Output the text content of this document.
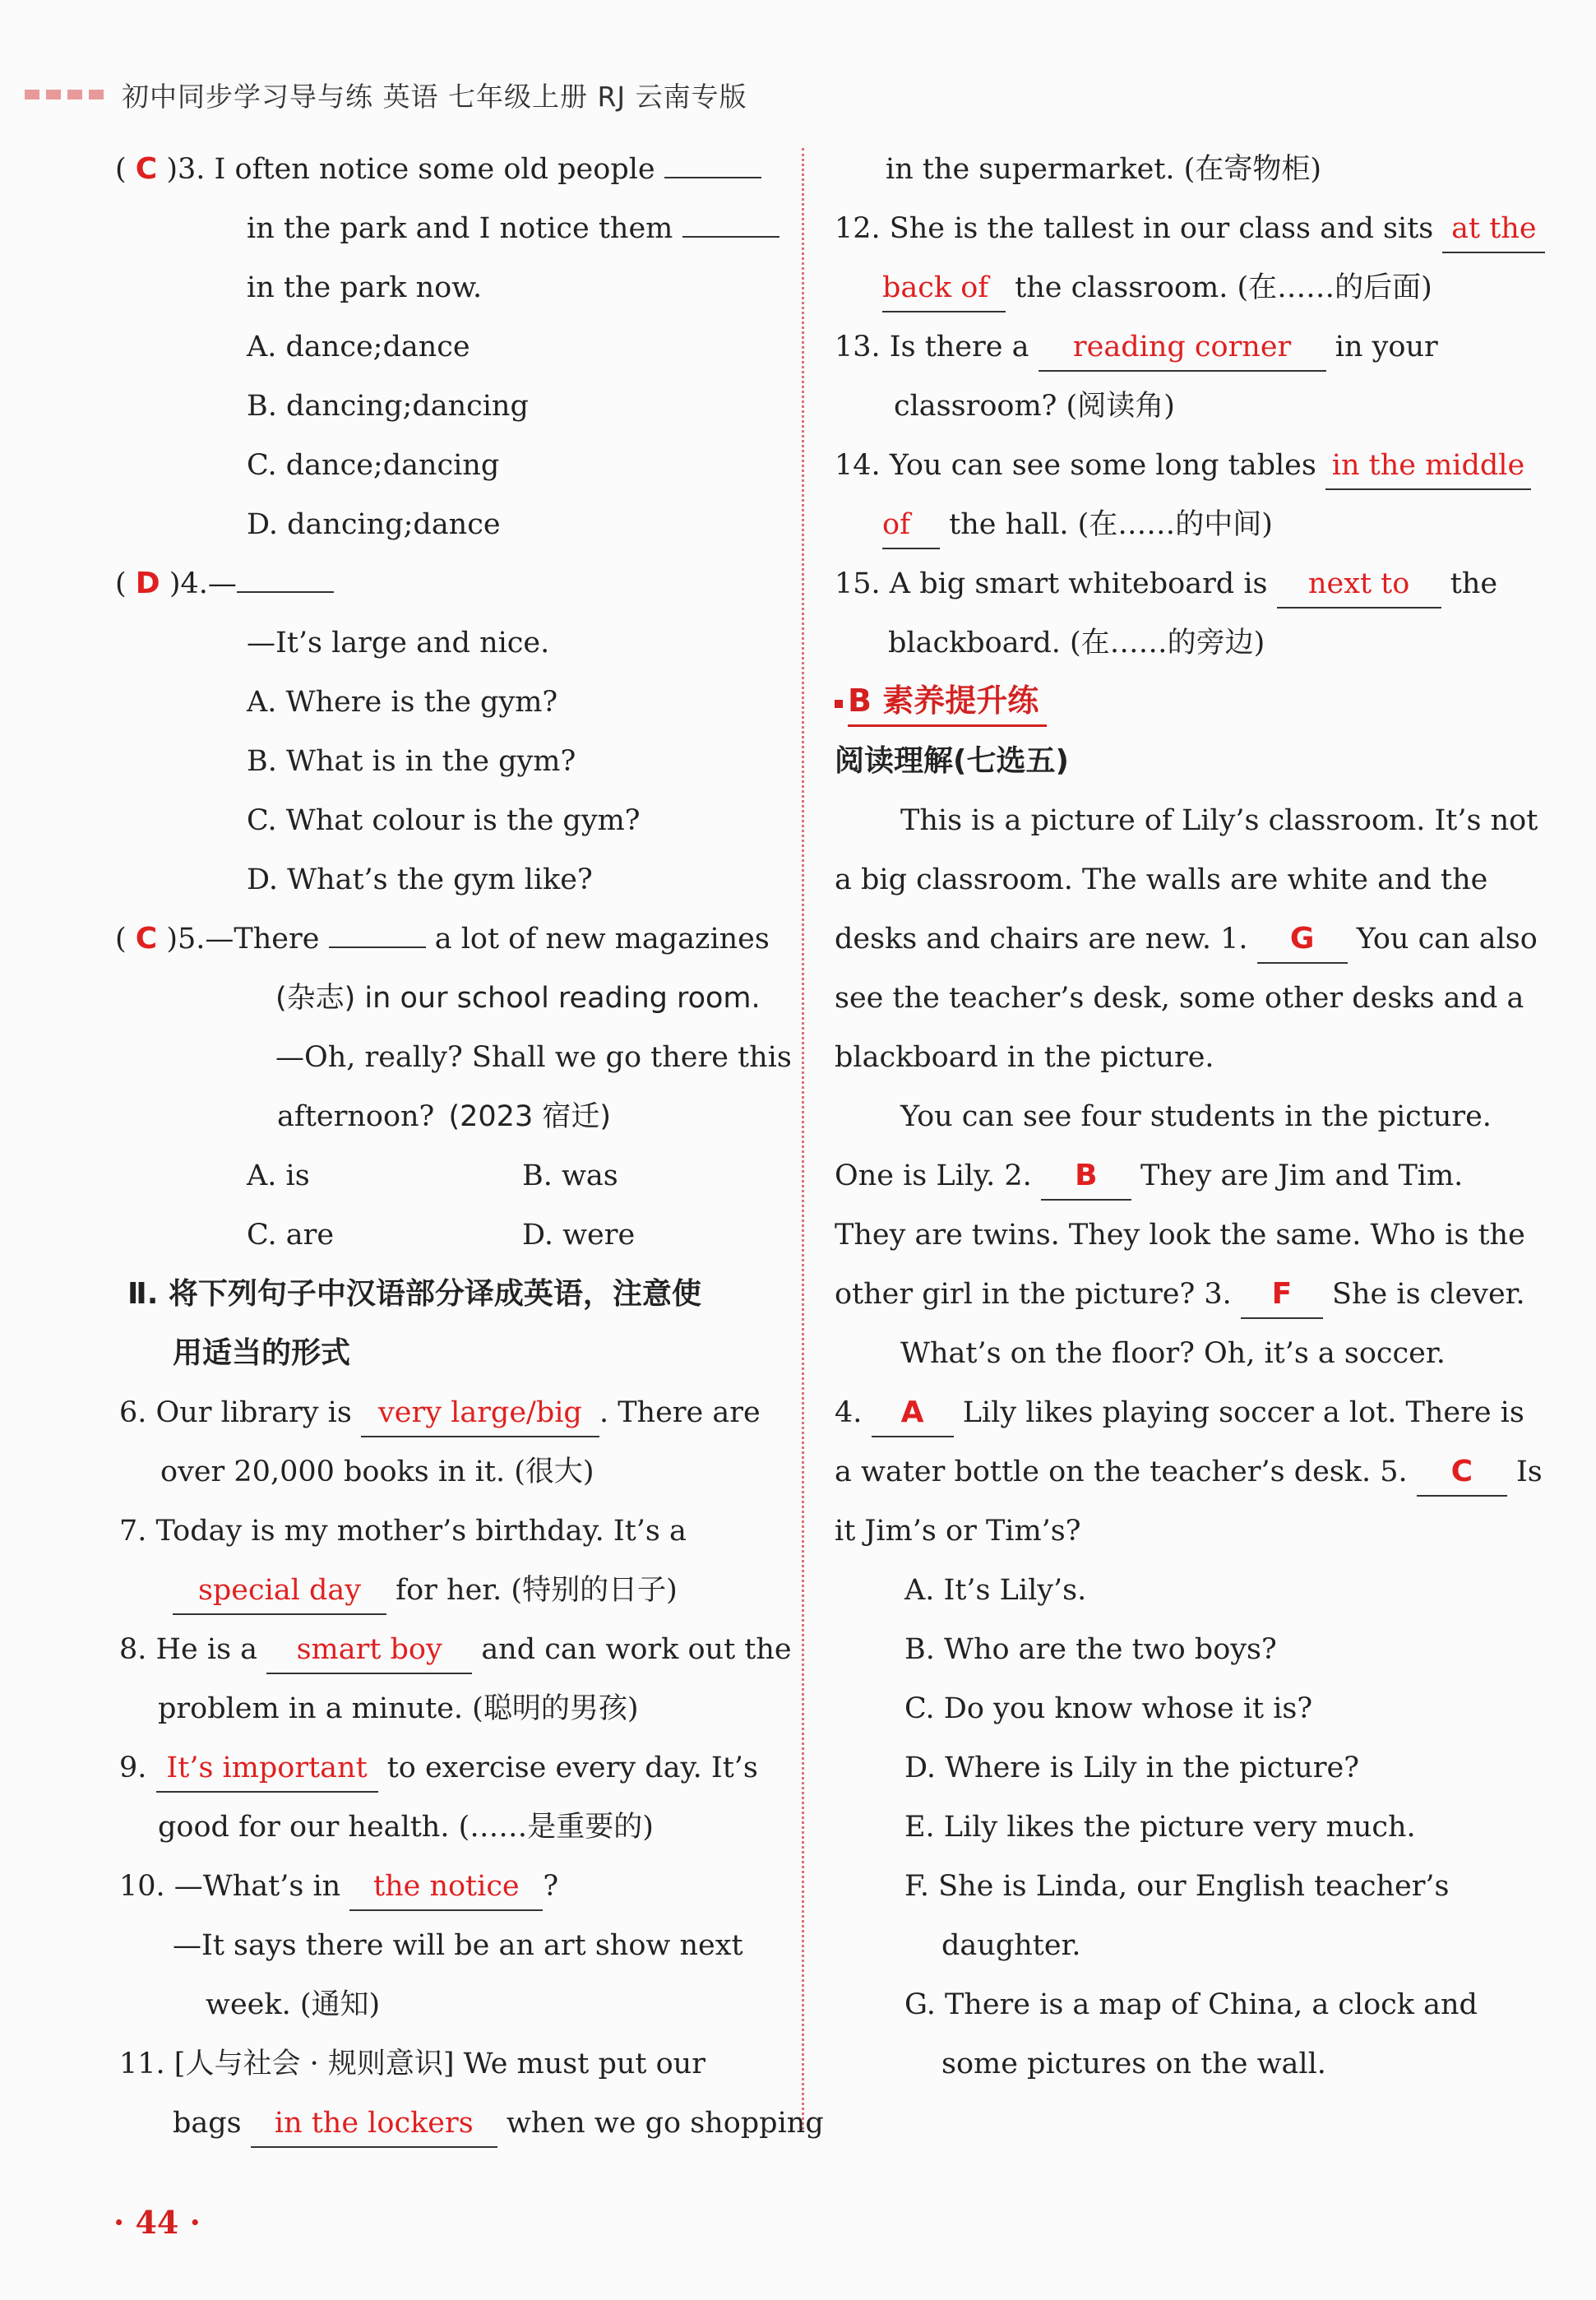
初中同步学习导与练 英语 七年级上册 RJ 云南专版
( C )3. I often notice some old people
in the park and I notice them
in the park now.
A. dance;dance
B. dancing;dancing
C. dance;dancing
D. dancing;dance
( D )4.—
—It’s large and nice.
A. Where is the gym?
B. What is in the gym?
C. What colour is the gym?
D. What’s the gym like?
( C )5.—There	a lot of new magazines
(杂志) in our school reading room.
—Oh, really? Shall we go there this
afternoon? (2023 宿迁)
A. is	B. was
C. are	D. were
Ⅱ. 将下列句子中汉语部分译成英语，注意使
用适当的形式
6. Our library is very large/big . There are
over 20,000 books in it. (很大)
7. Today is my mother’s birthday. It’s a
special day for her. (特别的日子)
8. He is a smart boy and can work out the
problem in a minute. (聪明的男孩)
9. It’s important to exercise every day. It’s
good for our health. (……是重要的)
10. —What’s in the notice ?
—It says there will be an art show next
week. (通知)
11. [人与社会 · 规则意识] We must put our
bags in the lockers when we go shopping
in the supermarket. (在寄物柜)
12. She is the tallest in our class and sits at the
back of the classroom. (在……的后面)
13. Is there a reading corner in your
classroom? (阅读角)
14. You can see some long tables in the middle
of the hall. (在……的中间)
15. A big smart whiteboard is next to the
blackboard. (在……的旁边)
B 素养提升练
阅读理解(七选五)
This is a picture of Lily’s classroom. It’s not
a big classroom. The walls are white and the
desks and chairs are new. 1. G You can also
see the teacher’s desk, some other desks and a
blackboard in the picture.
You can see four students in the picture.
One is Lily. 2. B They are Jim and Tim.
They are twins. They look the same. Who is the
other girl in the picture? 3. F She is clever.
What’s on the floor? Oh, it’s a soccer.
4. A Lily likes playing soccer a lot. There is
a water bottle on the teacher’s desk. 5. C Is
it Jim’s or Tim’s?
A. It’s Lily’s.
B. Who are the two boys?
C. Do you know whose it is?
D. Where is Lily in the picture?
E. Lily likes the picture very much.
F. She is Linda, our English teacher’s
daughter.
G. There is a map of China, a clock and
some pictures on the wall.
· 44 ·
